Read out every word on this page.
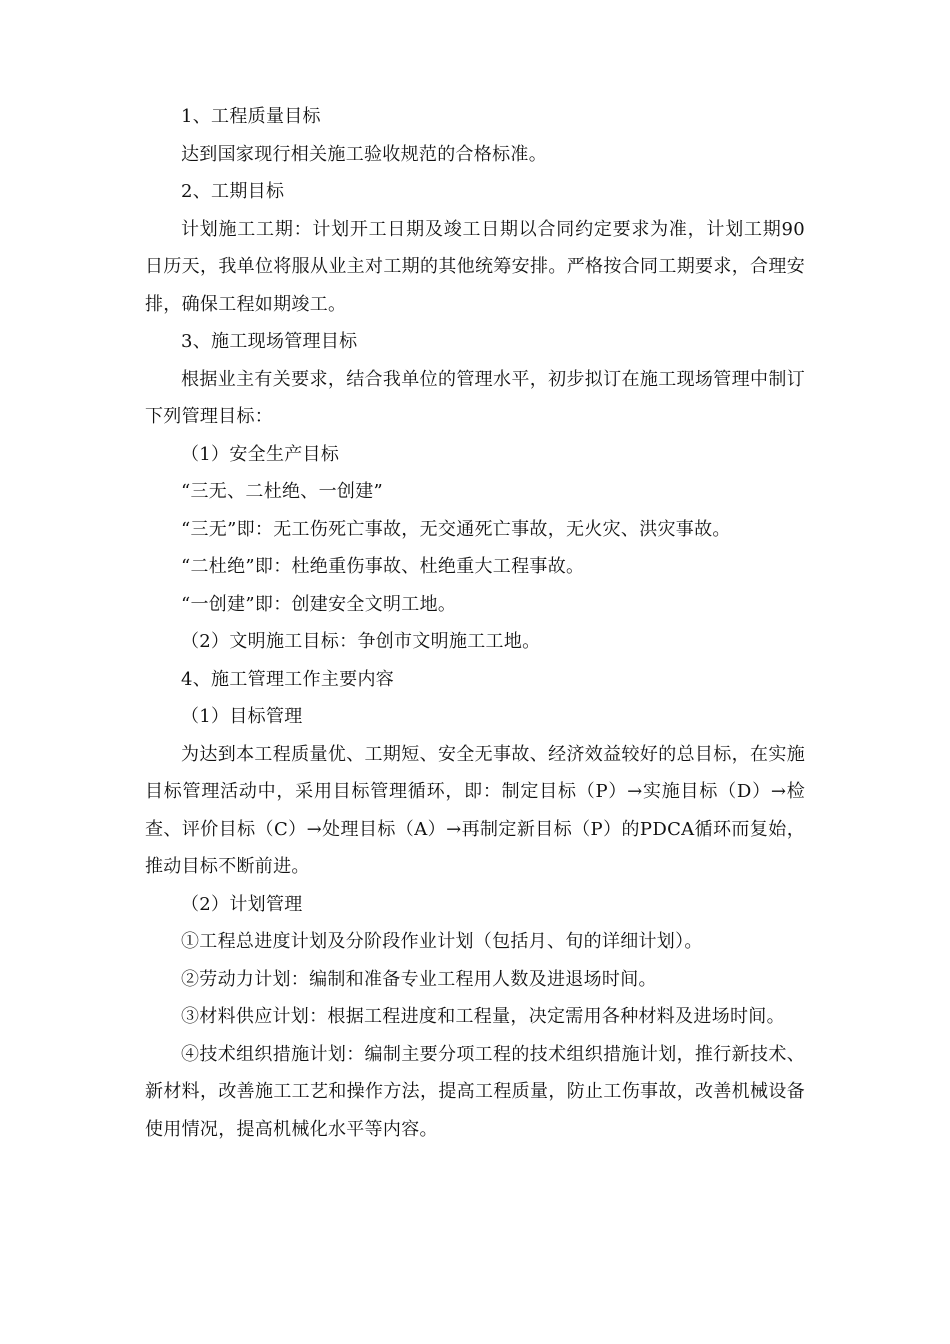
1、工程质量目标

达到国家现行相关施工验收规范的合格标准。

2、工期目标

计划施工工期：计划开工日期及竣工日期以合同约定要求为准，计划工期90日历天，我单位将服从业主对工期的其他统筹安排。严格按合同工期要求，合理安排，确保工程如期竣工。

3、施工现场管理目标

根据业主有关要求，结合我单位的管理水平，初步拟订在施工现场管理中制订下列管理目标：

（1）安全生产目标

“三无、二杜绝、一创建”

“三无”即：无工伤死亡事故，无交通死亡事故，无火灾、洪灾事故。

“二杜绝”即：杜绝重伤事故、杜绝重大工程事故。

“一创建”即：创建安全文明工地。

（2）文明施工目标：争创市文明施工工地。

4、施工管理工作主要内容

（1）目标管理

为达到本工程质量优、工期短、安全无事故、经济效益较好的总目标，在实施目标管理活动中，采用目标管理循环，即：制定目标（P）→实施目标（D）→检查、评价目标（C）→处理目标（A）→再制定新目标（P）的PDCA循环而复始，推动目标不断前进。

（2）计划管理

①工程总进度计划及分阶段作业计划（包括月、旬的详细计划）。

②劳动力计划：编制和准备专业工程用人数及进退场时间。

③材料供应计划：根据工程进度和工程量，决定需用各种材料及进场时间。

④技术组织措施计划：编制主要分项工程的技术组织措施计划，推行新技术、新材料，改善施工工艺和操作方法，提高工程质量，防止工伤事故，改善机械设备使用情况，提高机械化水平等内容。
